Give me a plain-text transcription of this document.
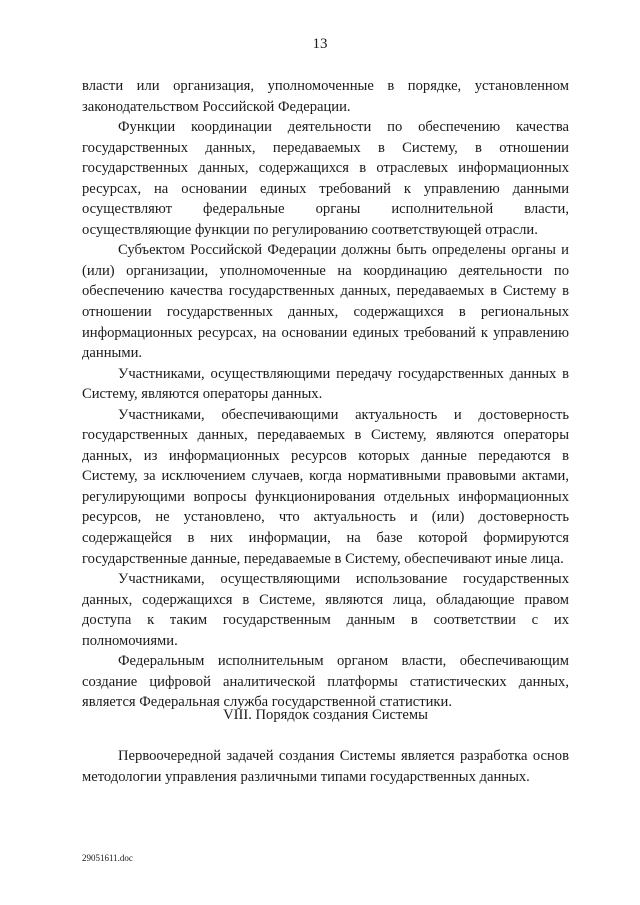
13

власти или организация, уполномоченные в порядке, установленном законодательством Российской Федерации.

Функции координации деятельности по обеспечению качества государственных данных, передаваемых в Систему, в отношении государственных данных, содержащихся в отраслевых информационных ресурсах, на основании единых требований к управлению данными осуществляют федеральные органы исполнительной власти, осуществляющие функции по регулированию соответствующей отрасли.

Субъектом Российской Федерации должны быть определены органы и (или) организации, уполномоченные на координацию деятельности по обеспечению качества государственных данных, передаваемых в Систему в отношении государственных данных, содержащихся в региональных информационных ресурсах, на основании единых требований к управлению данными.

Участниками, осуществляющими передачу государственных данных в Систему, являются операторы данных.

Участниками, обеспечивающими актуальность и достоверность государственных данных, передаваемых в Систему, являются операторы данных, из информационных ресурсов которых данные передаются в Систему, за исключением случаев, когда нормативными правовыми актами, регулирующими вопросы функционирования отдельных информационных ресурсов, не установлено, что актуальность и (или) достоверность содержащейся в них информации, на базе которой формируются государственные данные, передаваемые в Систему, обеспечивают иные лица.

Участниками, осуществляющими использование государственных данных, содержащихся в Системе, являются лица, обладающие правом доступа к таким государственным данным в соответствии с их полномочиями.

Федеральным исполнительным органом власти, обеспечивающим создание цифровой аналитической платформы статистических данных, является Федеральная служба государственной статистики.

VIII. Порядок создания Системы

Первоочередной задачей создания Системы является разработка основ методологии управления различными типами государственных данных.

29051611.doc
